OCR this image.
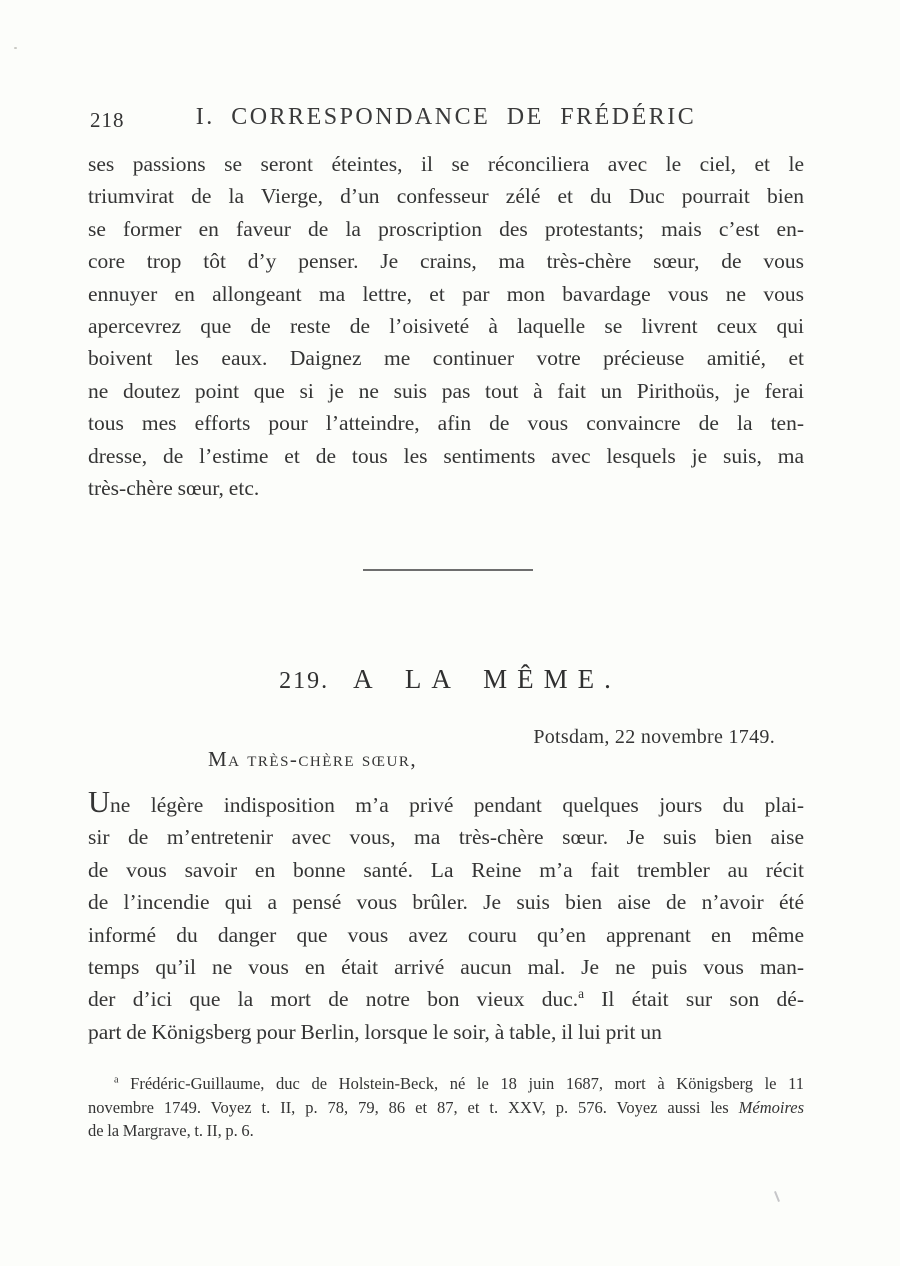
218	I. CORRESPONDANCE DE FRÉDÉRIC
ses passions se seront éteintes, il se réconciliera avec le ciel, et le
triumvirat de la Vierge, d’un confesseur zélé et du Duc pourrait bien
se former en faveur de la proscription des protestants; mais c’est en-
core trop tôt d’y penser. Je crains, ma très-chère sœur, de vous
ennuyer en allongeant ma lettre, et par mon bavardage vous ne vous
apercevrez que de reste de l’oisiveté à laquelle se livrent ceux qui
boivent les eaux. Daignez me continuer votre précieuse amitié, et
ne doutez point que si je ne suis pas tout à fait un Pirithoüs, je ferai
tous mes efforts pour l’atteindre, afin de vous convaincre de la ten-
dresse, de l’estime et de tous les sentiments avec lesquels je suis, ma
très-chère sœur, etc.
219. A LA MÊME.
Potsdam, 22 novembre 1749.
Ma très-chère sœur,
Une légère indisposition m’a privé pendant quelques jours du plai-
sir de m’entretenir avec vous, ma très-chère sœur. Je suis bien aise
de vous savoir en bonne santé. La Reine m’a fait trembler au récit
de l’incendie qui a pensé vous brûler. Je suis bien aise de n’avoir été
informé du danger que vous avez couru qu’en apprenant en même
temps qu’il ne vous en était arrivé aucun mal. Je ne puis vous man-
der d’ici que la mort de notre bon vieux duc.$^a$ Il était sur son dé-
part de Königsberg pour Berlin, lorsque le soir, à table, il lui prit un
$^a$ Frédéric-Guillaume, duc de Holstein-Beck, né le 18 juin 1687, mort à Königsberg le 11
novembre 1749. Voyez t. II, p. 78, 79, 86 et 87, et t. XXV, p. 576. Voyez aussi les Mémoires
de la Margrave, t. II, p. 6.
